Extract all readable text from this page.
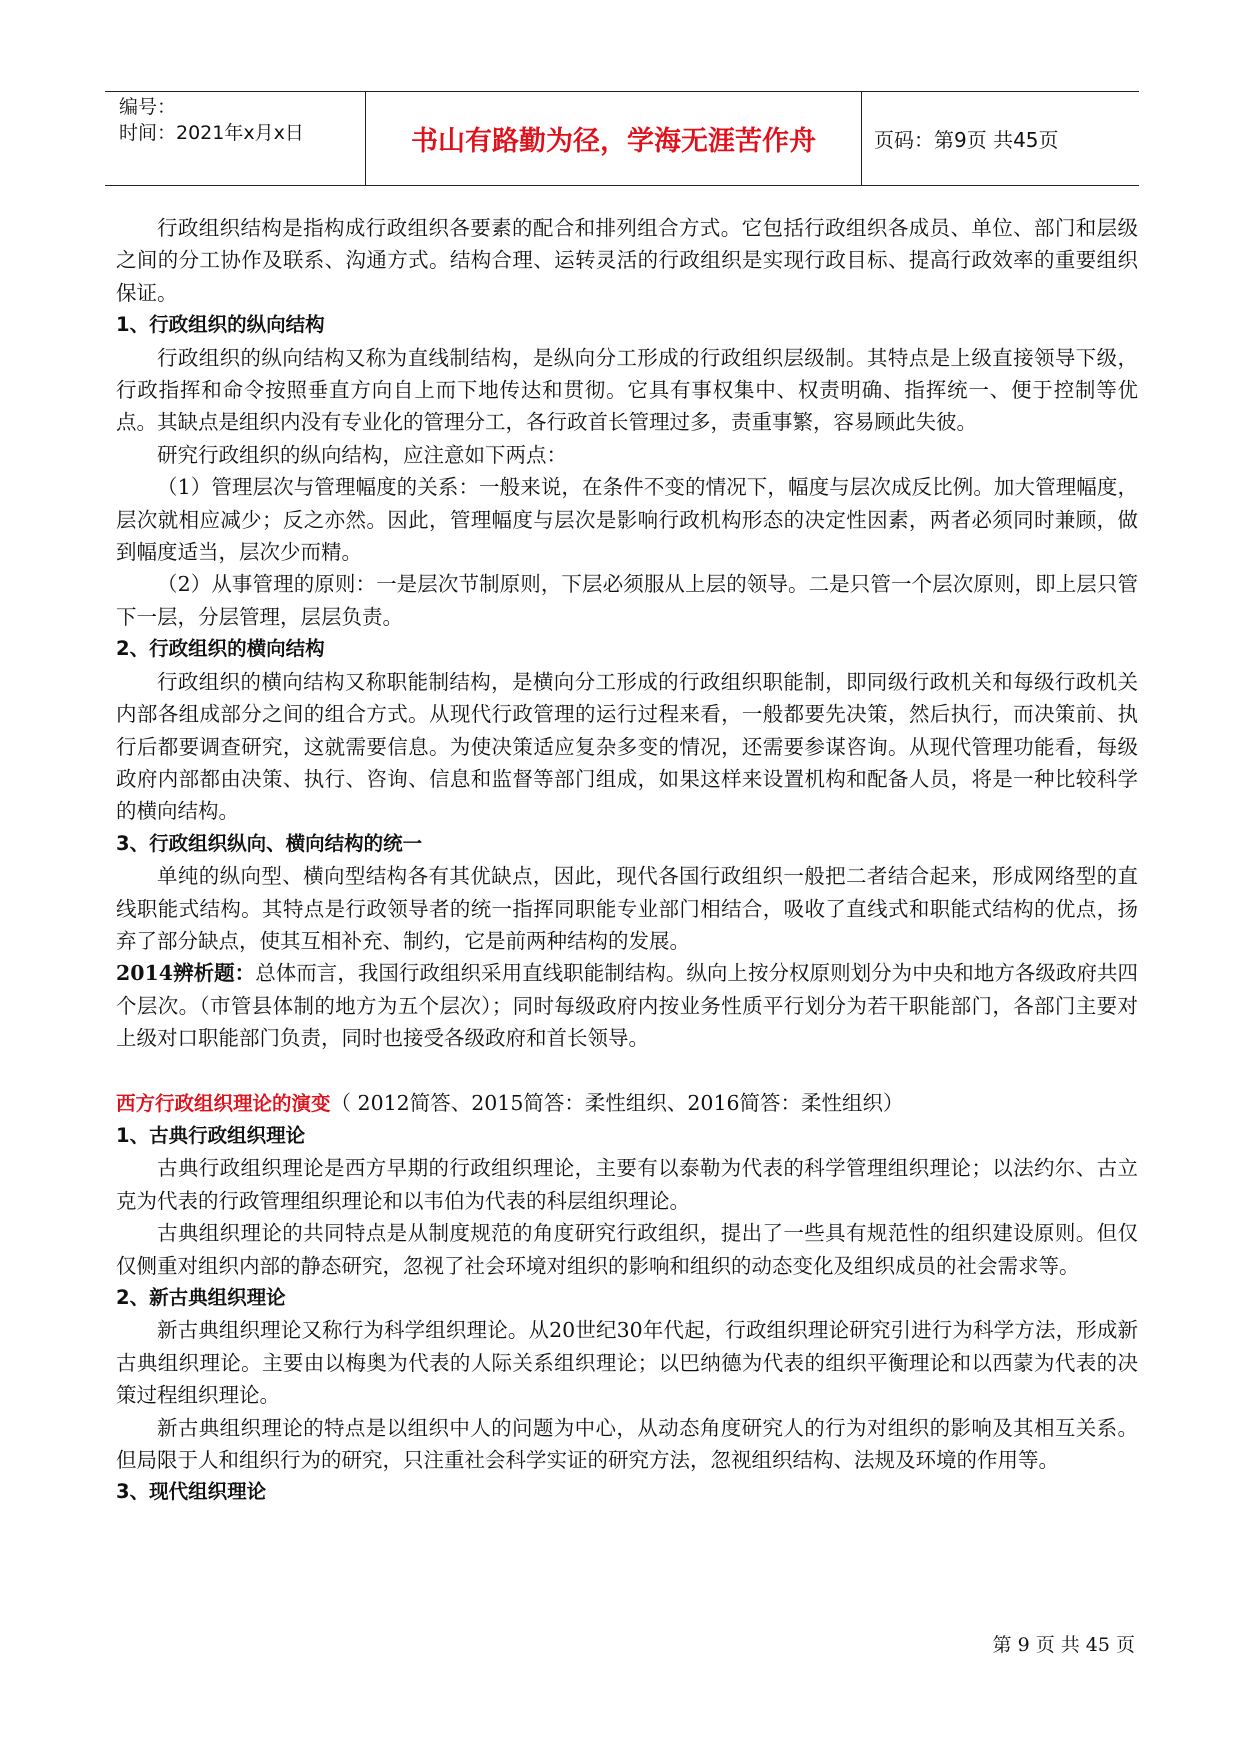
编号：
时间：2021年x月x日	书山有路勤为径，学海无涯苦作舟	页码：第9页 共45页

行政组织结构是指构成行政组织各要素的配合和排列组合方式。它包括行政组织各成员、单位、部门和层级之间的分工协作及联系、沟通方式。结构合理、运转灵活的行政组织是实现行政目标、提高行政效率的重要组织保证。

1、行政组织的纵向结构

行政组织的纵向结构又称为直线制结构，是纵向分工形成的行政组织层级制。其特点是上级直接领导下级，行政指挥和命令按照垂直方向自上而下地传达和贯彻。它具有事权集中、权责明确、指挥统一、便于控制等优点。其缺点是组织内没有专业化的管理分工，各行政首长管理过多，责重事繁，容易顾此失彼。

研究行政组织的纵向结构，应注意如下两点：

（1）管理层次与管理幅度的关系：一般来说，在条件不变的情况下，幅度与层次成反比例。加大管理幅度，层次就相应减少；反之亦然。因此，管理幅度与层次是影响行政机构形态的决定性因素，两者必须同时兼顾，做到幅度适当，层次少而精。

（2）从事管理的原则：一是层次节制原则，下层必须服从上层的领导。二是只管一个层次原则，即上层只管下一层，分层管理，层层负责。

2、行政组织的横向结构

行政组织的横向结构又称职能制结构，是横向分工形成的行政组织职能制，即同级行政机关和每级行政机关内部各组成部分之间的组合方式。从现代行政管理的运行过程来看，一般都要先决策，然后执行，而决策前、执行后都要调查研究，这就需要信息。为使决策适应复杂多变的情况，还需要参谋咨询。从现代管理功能看，每级政府内部都由决策、执行、咨询、信息和监督等部门组成，如果这样来设置机构和配备人员，将是一种比较科学的横向结构。

3、行政组织纵向、横向结构的统一

单纯的纵向型、横向型结构各有其优缺点，因此，现代各国行政组织一般把二者结合起来，形成网络型的直线职能式结构。其特点是行政领导者的统一指挥同职能专业部门相结合，吸收了直线式和职能式结构的优点，扬弃了部分缺点，使其互相补充、制约，它是前两种结构的发展。

2014辨析题：总体而言，我国行政组织采用直线职能制结构。纵向上按分权原则划分为中央和地方各级政府共四个层次。（市管县体制的地方为五个层次）；同时每级政府内按业务性质平行划分为若干职能部门，各部门主要对上级对口职能部门负责，同时也接受各级政府和首长领导。

西方行政组织理论的演变（ 2012简答、2015简答：柔性组织、2016简答：柔性组织）

1、古典行政组织理论

古典行政组织理论是西方早期的行政组织理论，主要有以泰勒为代表的科学管理组织理论；以法约尔、古立克为代表的行政管理组织理论和以韦伯为代表的科层组织理论。

古典组织理论的共同特点是从制度规范的角度研究行政组织，提出了一些具有规范性的组织建设原则。但仅仅侧重对组织内部的静态研究，忽视了社会环境对组织的影响和组织的动态变化及组织成员的社会需求等。

2、新古典组织理论

新古典组织理论又称行为科学组织理论。从20世纪30年代起，行政组织理论研究引进行为科学方法，形成新古典组织理论。主要由以梅奥为代表的人际关系组织理论；以巴纳德为代表的组织平衡理论和以西蒙为代表的决策过程组织理论。

新古典组织理论的特点是以组织中人的问题为中心，从动态角度研究人的行为对组织的影响及其相互关系。但局限于人和组织行为的研究，只注重社会科学实证的研究方法，忽视组织结构、法规及环境的作用等。

3、现代组织理论

第 9 页 共 45 页
